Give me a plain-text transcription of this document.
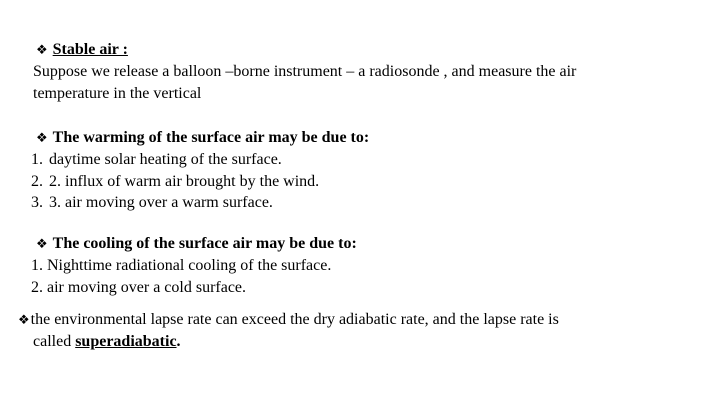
❖ Stable air :
Suppose we release a balloon –borne instrument – a radiosonde , and measure the air
temperature in the vertical
❖ The warming of the surface air may be due to:
1. daytime solar heating of the surface.
2. 2. influx of warm air brought by the wind.
3. 3. air moving over a warm surface.
❖ The cooling of the surface air may be due to:
1. Nighttime radiational cooling of the surface.
2. air moving over a cold surface.
❖the environmental lapse rate can exceed the dry adiabatic rate, and the lapse rate is
called superadiabatic.
